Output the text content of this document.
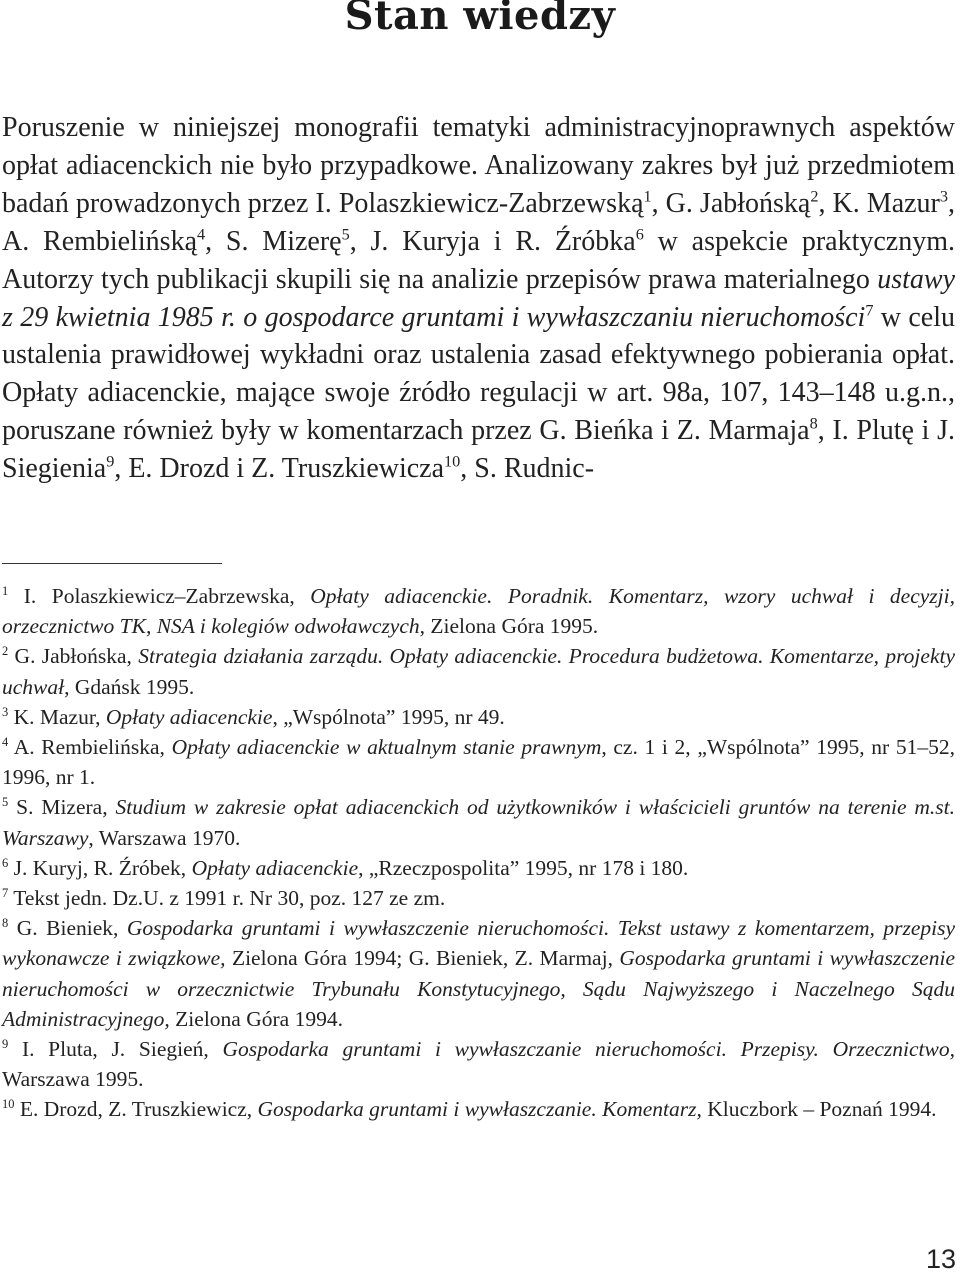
Stan wiedzy

Poruszenie w niniejszej monografii tematyki administracyjnoprawnych aspektów opłat adiacenckich nie było przypadkowe. Analizowany zakres był już przedmiotem badań prowadzonych przez I. Polaszkiewicz-Zabrzewską$^1$, G. Jabłońską$^2$, K. Mazur$^3$, A. Rembielińską$^4$, S. Mizerę$^5$, J. Kuryja i R. Źróbka$^6$ w aspekcie praktycznym. Autorzy tych publikacji skupili się na analizie przepisów prawa materialnego ustawy z 29 kwietnia 1985 r. o gospodarce gruntami i wywłaszczaniu nieruchomości$^7$ w celu ustalenia prawidłowej wykładni oraz ustalenia zasad efektywnego pobierania opłat. Opłaty adiacenckie, mające swoje źródło regulacji w art. 98a, 107, 143–148 u.g.n., poruszane również były w komentarzach przez G. Bieńka i Z. Marmaja$^8$, I. Plutę i J. Siegienia$^9$, E. Drozd i Z. Truszkiewicza$^{10}$, S. Rudnic-

$^1$ I. Polaszkiewicz–Zabrzewska, Opłaty adiacenckie. Poradnik. Komentarz, wzory uchwał i decyzji, orzecznictwo TK, NSA i kolegiów odwoławczych, Zielona Góra 1995.

$^2$ G. Jabłońska, Strategia działania zarządu. Opłaty adiacenckie. Procedura budżetowa. Komentarze, projekty uchwał, Gdańsk 1995.

$^3$ K. Mazur, Opłaty adiacenckie, „Wspólnota” 1995, nr 49.

$^4$ A. Rembielińska, Opłaty adiacenckie w aktualnym stanie prawnym, cz. 1 i 2, „Wspólnota” 1995, nr 51–52, 1996, nr 1.

$^5$ S. Mizera, Studium w zakresie opłat adiacenckich od użytkowników i właścicieli gruntów na terenie m.st. Warszawy, Warszawa 1970.

$^6$ J. Kuryj, R. Źróbek, Opłaty adiacenckie, „Rzeczpospolita” 1995, nr 178 i 180.

$^7$ Tekst jedn. Dz.U. z 1991 r. Nr 30, poz. 127 ze zm.

$^8$ G. Bieniek, Gospodarka gruntami i wywłaszczenie nieruchomości. Tekst ustawy z komentarzem, przepisy wykonawcze i związkowe, Zielona Góra 1994; G. Bieniek, Z. Marmaj, Gospodarka gruntami i wywłaszczenie nieruchomości w orzecznictwie Trybunału Konstytucyjnego, Sądu Najwyższego i Naczelnego Sądu Administracyjnego, Zielona Góra 1994.

$^9$ I. Pluta, J. Siegień, Gospodarka gruntami i wywłaszczanie nieruchomości. Przepisy. Orzecznictwo, Warszawa 1995.

$^{10}$ E. Drozd, Z. Truszkiewicz, Gospodarka gruntami i wywłaszczanie. Komentarz, Kluczbork – Poznań 1994.

13
